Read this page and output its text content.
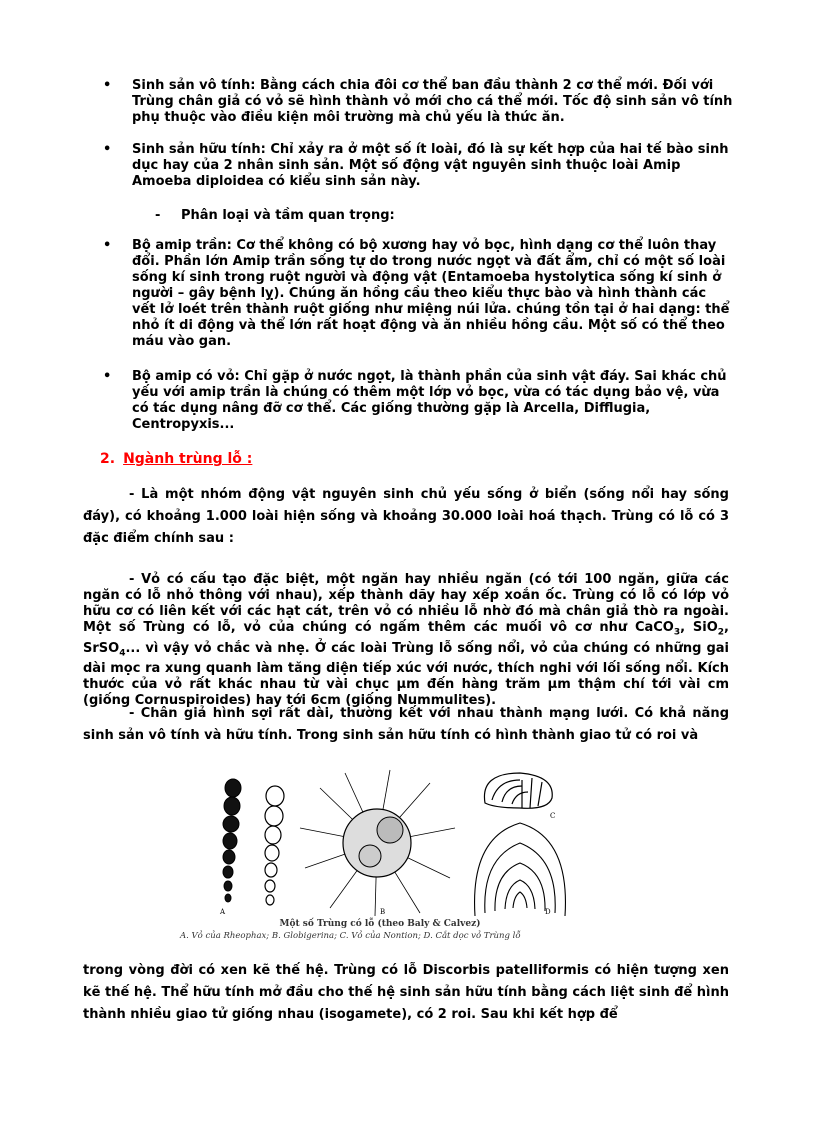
• Sinh sản vô tính: Bằng cách chia đôi cơ thể ban đầu thành 2 cơ thể mới. Đối với Trùng chân giả có vỏ sẽ hình thành vỏ mới cho cá thể mới. Tốc độ sinh sản vô tính phụ thuộc vào điều kiện môi trường mà chủ yếu là thức ăn.
• Sinh sản hữu tính: Chỉ xảy ra ở một số ít loài, đó là sự kết hợp của hai tế bào sinh dục hay của 2 nhân sinh sản. Một số động vật nguyên sinh thuộc loài Amip Amoeba diploidea có kiểu sinh sản này.
- Phân loại và tầm quan trọng:
• Bộ amip trần: Cơ thể không có bộ xương hay vỏ bọc, hình dạng cơ thể luôn thay đổi. Phần lớn Amip trần sống tự do trong nước ngọt và đất ẩm, chỉ có một số loài sống kí sinh trong ruột người và động vật (Entamoeba hystolytica sống kí sinh ở người – gây bệnh lỵ). Chúng ăn hồng cầu theo kiểu thực bào và hình thành các vết lở loét trên thành ruột giống như miệng núi lửa. chúng tồn tại ở hai dạng: thể nhỏ ít di động và thể lớn rất hoạt động và ăn nhiều hồng cầu. Một số có thể theo máu vào gan.
• Bộ amip có vỏ: Chỉ gặp ở nước ngọt, là thành phần của sinh vật đáy. Sai khác chủ yếu với amip trần là chúng có thêm một lớp vỏ bọc, vừa có tác dụng bảo vệ, vừa có tác dụng nâng đỡ cơ thể. Các giống thường gặp là Arcella, Difflugia, Centropyxis...
2. Ngành trùng lỗ :
- Là một nhóm động vật nguyên sinh chủ yếu sống ở biển (sống nổi hay sống đáy), có khoảng 1.000 loài hiện sống và khoảng 30.000 loài hoá thạch. Trùng có lỗ có 3 đặc điểm chính sau :
- Vỏ có cấu tạo đặc biệt, một ngăn hay nhiều ngăn (có tới 100 ngăn, giữa các ngăn có lỗ nhỏ thông với nhau), xếp thành dãy hay xếp xoắn ốc. Trùng có lỗ có lớp vỏ hữu cơ có liên kết với các hạt cát, trên vỏ có nhiều lỗ nhờ đó mà chân giả thò ra ngoài. Một số Trùng có lỗ, vỏ của chúng có ngấm thêm các muối vô cơ như CaCO$_3$, SiO$_2$, SrSO$_4$... vì vậy vỏ chắc và nhẹ. Ở các loài Trùng lỗ sống nổi, vỏ của chúng có những gai dài mọc ra xung quanh làm tăng diện tiếp xúc với nước, thích nghi với lối sống nổi. Kích thước của vỏ rất khác nhau từ vài chục μm đến hàng trăm μm thậm chí tới vài cm (giống Cornuspiroides) hay tới 6cm (giống Nummulites).
- Chân giả hình sợi rất dài, thường kết với nhau thành mạng lưới. Có khả năng sinh sản vô tính và hữu tính. Trong sinh sản hữu tính có hình thành giao tử có roi và
A	B
C
D
Một số Trùng có lỗ (theo Baly & Calvez)
A. Vỏ của Rheophax; B. Globigerina; C. Vỏ của Nontion; D. Cắt dọc vỏ Trùng lỗ
trong vòng đời có xen kẽ thế hệ. Trùng có lỗ Discorbis patelliformis có hiện tượng xen kẽ thế hệ. Thể hữu tính mở đầu cho thế hệ sinh sản hữu tính bằng cách liệt sinh để hình thành nhiều giao tử giống nhau (isogamete), có 2 roi. Sau khi kết hợp để
